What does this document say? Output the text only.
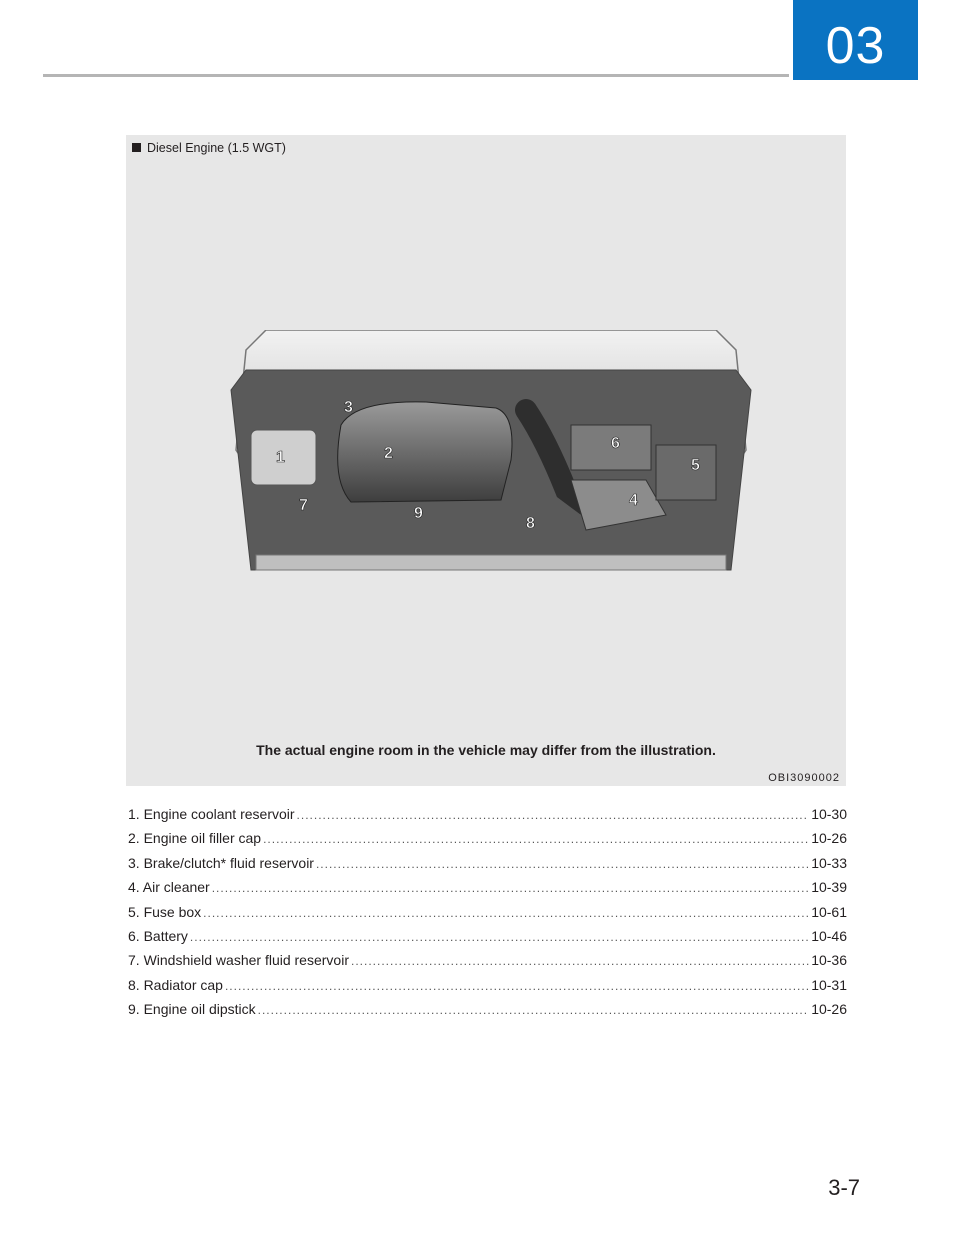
03
Diesel Engine (1.5 WGT)
1	2
3
4
5
6
7
8
9
The actual engine room in the vehicle may differ from the illustration.
OBI3090002
1. Engine coolant reservoir .....	10-30
2. Engine oil filler cap .....	10-26
3. Brake/clutch* fluid reservoir .....	10-33
4. Air cleaner .....	10-39
5. Fuse box .....	10-61
6. Battery .....	10-46
7. Windshield washer fluid reservoir .....	10-36
8. Radiator cap .....	10-31
9. Engine oil dipstick .....	10-26
3-7
